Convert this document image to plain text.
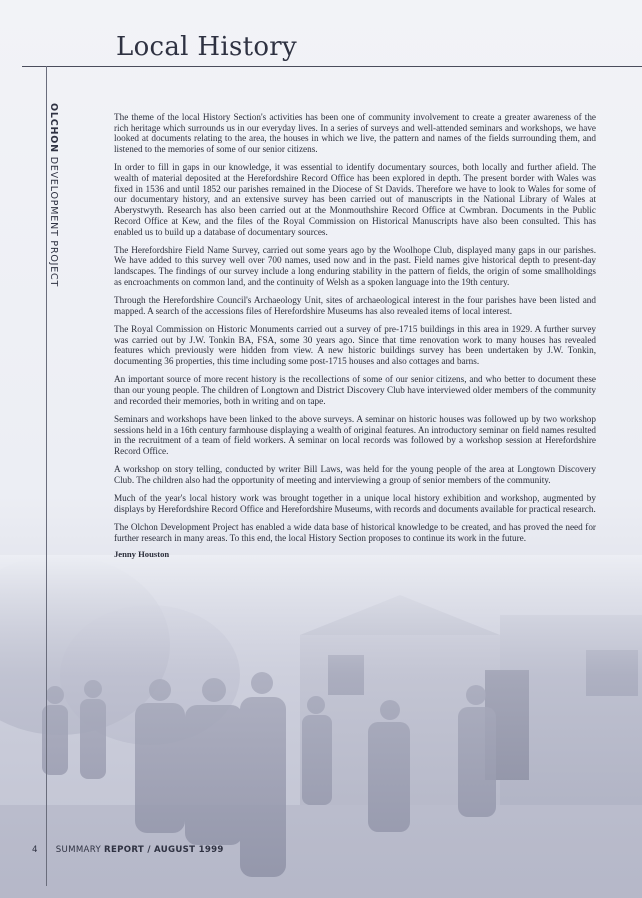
Local History
OLCHON DEVELOPMENT PROJECT

The theme of the local History Section's activities has been one of community involvement to create a greater awareness of the rich heritage which surrounds us in our everyday lives. In a series of surveys and well-attended seminars and workshops, we have looked at documents relating to the area, the houses in which we live, the pattern and names of the fields surrounding them, and listened to the memories of some of our senior citizens.

In order to fill in gaps in our knowledge, it was essential to identify documentary sources, both locally and further afield. The wealth of material deposited at the Herefordshire Record Office has been explored in depth. The present border with Wales was fixed in 1536 and until 1852 our parishes remained in the Diocese of St Davids. Therefore we have to look to Wales for some of our documentary history, and an extensive survey has been carried out of manuscripts in the National Library of Wales at Aberystwyth. Research has also been carried out at the Monmouthshire Record Office at Cwmbran. Documents in the Public Record Office at Kew, and the files of the Royal Commission on Historical Manuscripts have also been consulted. This has enabled us to build up a database of documentary sources.

The Herefordshire Field Name Survey, carried out some years ago by the Woolhope Club, displayed many gaps in our parishes. We have added to this survey well over 700 names, used now and in the past. Field names give historical depth to present-day landscapes. The findings of our survey include a long enduring stability in the pattern of fields, the origin of some smallholdings as encroachments on common land, and the continuity of Welsh as a spoken language into the 19th century.

Through the Herefordshire Council's Archaeology Unit, sites of archaeological interest in the four parishes have been listed and mapped. A search of the accessions files of Herefordshire Museums has also revealed items of local interest.

The Royal Commission on Historic Monuments carried out a survey of pre-1715 buildings in this area in 1929. A further survey was carried out by J.W. Tonkin BA, FSA, some 30 years ago. Since that time renovation work to many houses has revealed features which previously were hidden from view. A new historic buildings survey has been undertaken by J.W. Tonkin, documenting 36 properties, this time including some post-1715 houses and also cottages and barns.

An important source of more recent history is the recollections of some of our senior citizens, and who better to document these than our young people. The children of Longtown and District Discovery Club have interviewed older members of the community and recorded their memories, both in writing and on tape.

Seminars and workshops have been linked to the above surveys. A seminar on historic houses was followed up by two workshop sessions held in a 16th century farmhouse displaying a wealth of original features. An introductory seminar on field names resulted in the recruitment of a team of field workers. A seminar on local records was followed by a workshop session at Herefordshire Record Office.

A workshop on story telling, conducted by writer Bill Laws, was held for the young people of the area at Longtown Discovery Club. The children also had the opportunity of meeting and interviewing a group of senior members of the community.

Much of the year's local history work was brought together in a unique local history exhibition and workshop, augmented by displays by Herefordshire Record Office and Herefordshire Museums, with records and documents available for practical research.

The Olchon Development Project has enabled a wide data base of historical knowledge to be created, and has proved the need for further research in many areas. To this end, the local History Section proposes to continue its work in the future.

Jenny Houston
4 SUMMARY REPORT / AUGUST 1999
